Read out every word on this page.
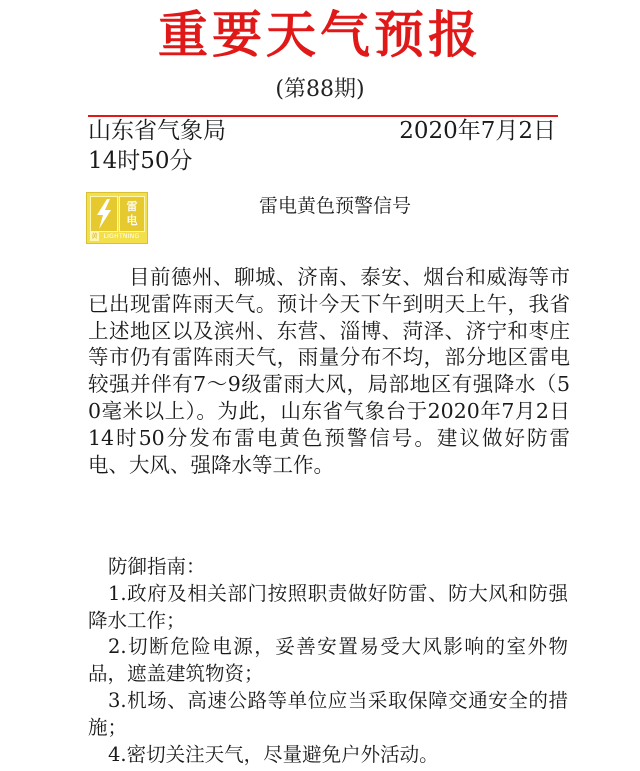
重要天气预报
(第88期)
山东省气象局	2020年7月2日
14时50分
雷
电
黄 LIGHTNING
雷电黄色预警信号
目前德州、聊城、济南、泰安、烟台和威海等市已出现雷阵雨天气。预计今天下午到明天上午，我省上述地区以及滨州、东营、淄博、菏泽、济宁和枣庄等市仍有雷阵雨天气，雨量分布不均，部分地区雷电较强并伴有7～9级雷雨大风，局部地区有强降水（50毫米以上）。为此，山东省气象台于2020年7月2日14时50分发布雷电黄色预警信号。建议做好防雷电、大风、强降水等工作。
防御指南：
1.政府及相关部门按照职责做好防雷、防大风和防强降水工作；
2.切断危险电源，妥善安置易受大风影响的室外物品，遮盖建筑物资；
3.机场、高速公路等单位应当采取保障交通安全的措施；
4.密切关注天气，尽量避免户外活动。
